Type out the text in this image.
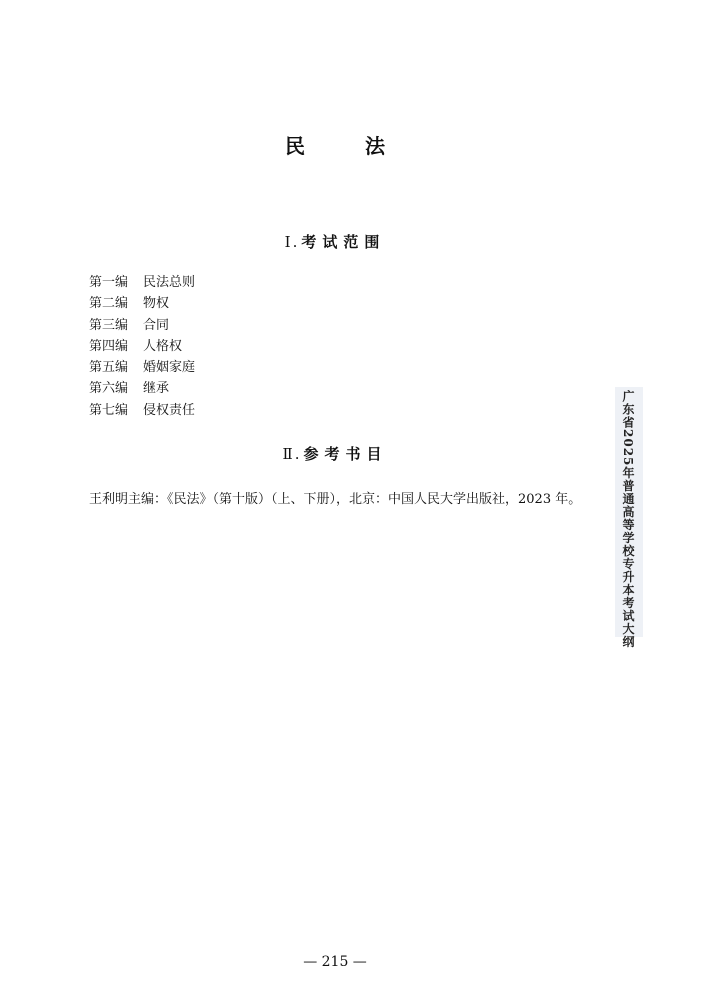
民	法
Ⅰ. 考试范围
第一编 民法总则
第二编 物权
第三编 合同
第四编 人格权
第五编 婚姻家庭
第六编 继承
第七编 侵权责任
Ⅱ. 参考书目
王利明主编：《民法》（第十版）（上、下册），北京：中国人民大学出版社，2023 年。	广东省2025年普通高等学校专升本考试大纲
— 215 —
